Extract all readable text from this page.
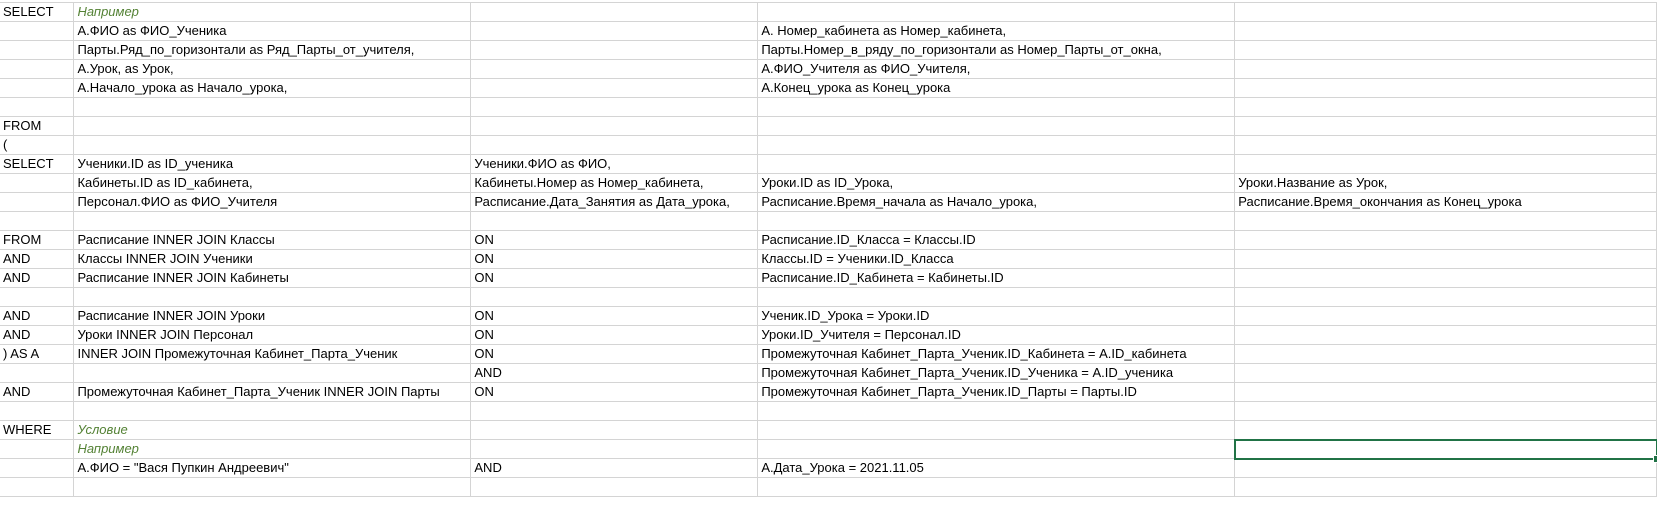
SELECT	Например			
	А.ФИО as ФИО_Ученика		А. Номер_кабинета as Номер_кабинета,	
	Парты.Ряд_по_горизонтали as Ряд_Парты_от_учителя,		Парты.Номер_в_ряду_по_горизонтали as Номер_Парты_от_окна,	
	А.Урок, as Урок,		А.ФИО_Учителя as ФИО_Учителя,	
	А.Начало_урока as Начало_урока,		А.Конец_урока as Конец_урока	

FROM				
(				
SELECT	Ученики.ID as ID_ученика	Ученики.ФИО as ФИО,		
	Кабинеты.ID as ID_кабинета,	Кабинеты.Номер as Номер_кабинета,	Уроки.ID as ID_Урока,	Уроки.Название as Урок,
	Персонал.ФИО as ФИО_Учителя	Расписание.Дата_Занятия as Дата_урока,	Расписание.Время_начала as Начало_урока,	Расписание.Время_окончания as Конец_урока

FROM	Расписание INNER JOIN Классы	ON	Расписание.ID_Класса = Классы.ID	
AND	Классы INNER JOIN Ученики	ON	Классы.ID = Ученики.ID_Класса	
AND	Расписание INNER JOIN Кабинеты	ON	Расписание.ID_Кабинета = Кабинеты.ID	

AND	Расписание INNER JOIN Уроки	ON	Ученик.ID_Урока = Уроки.ID	
AND	Уроки INNER JOIN Персонал	ON	Уроки.ID_Учителя = Персонал.ID	
) AS A	INNER JOIN Промежуточная Кабинет_Парта_Ученик	ON	Промежуточная Кабинет_Парта_Ученик.ID_Кабинета = A.ID_кабинета	
		AND	Промежуточная Кабинет_Парта_Ученик.ID_Ученика = A.ID_ученика	
AND	Промежуточная Кабинет_Парта_Ученик INNER JOIN Парты	ON	Промежуточная Кабинет_Парта_Ученик.ID_Парты = Парты.ID	

WHERE	Условие			
	Например			
	А.ФИО = "Вася Пупкин Андреевич"	AND	А.Дата_Урока = 2021.11.05	
